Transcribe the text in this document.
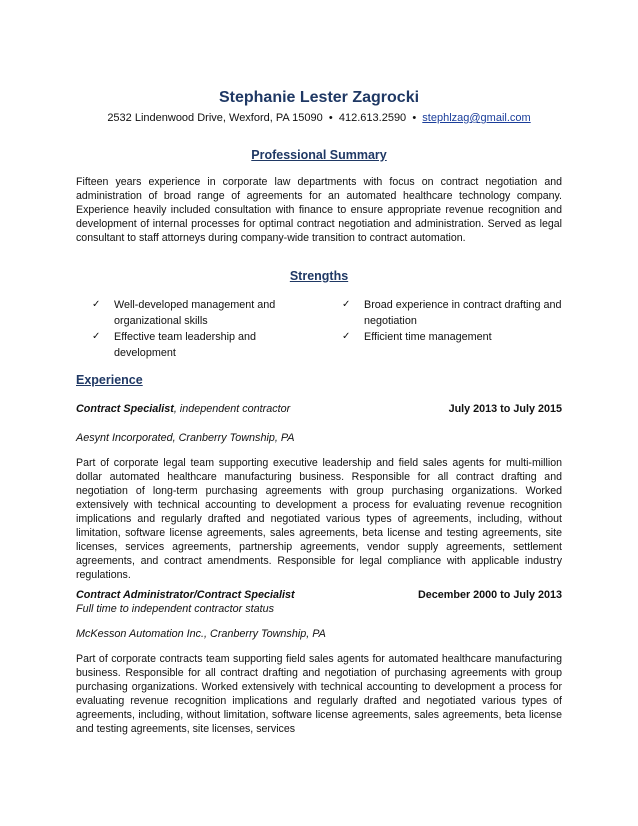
Stephanie Lester Zagrocki
2532 Lindenwood Drive, Wexford, PA 15090 • 412.613.2590 • stephlzag@gmail.com
Professional Summary
Fifteen years experience in corporate law departments with focus on contract negotiation and administration of broad range of agreements for an automated healthcare technology company. Experience heavily included consultation with finance to ensure appropriate revenue recognition and development of internal processes for optimal contract negotiation and administration. Served as legal consultant to staff attorneys during company-wide transition to contract automation.
Strengths
✓ Well-developed management and organizational skills
✓ Effective team leadership and development
✓ Broad experience in contract drafting and negotiation
✓ Efficient time management
Experience
Contract Specialist, independent contractor	July 2013 to July 2015
Aesynt Incorporated, Cranberry Township, PA
Part of corporate legal team supporting executive leadership and field sales agents for multi-million dollar automated healthcare manufacturing business. Responsible for all contract drafting and negotiation of long-term purchasing agreements with group purchasing organizations. Worked extensively with technical accounting to development a process for evaluating revenue recognition implications and regularly drafted and negotiated various types of agreements, including, without limitation, software license agreements, sales agreements, beta license and testing agreements, site licenses, services agreements, partnership agreements, vendor supply agreements, settlement agreements, and contract amendments. Responsible for legal compliance with applicable industry regulations.
Contract Administrator/Contract Specialist	December 2000 to July 2013
Full time to independent contractor status
McKesson Automation Inc., Cranberry Township, PA
Part of corporate contracts team supporting field sales agents for automated healthcare manufacturing business. Responsible for all contract drafting and negotiation of purchasing agreements with group purchasing organizations. Worked extensively with technical accounting to development a process for evaluating revenue recognition implications and regularly drafted and negotiated various types of agreements, including, without limitation, software license agreements, sales agreements, beta license and testing agreements, site licenses, services
